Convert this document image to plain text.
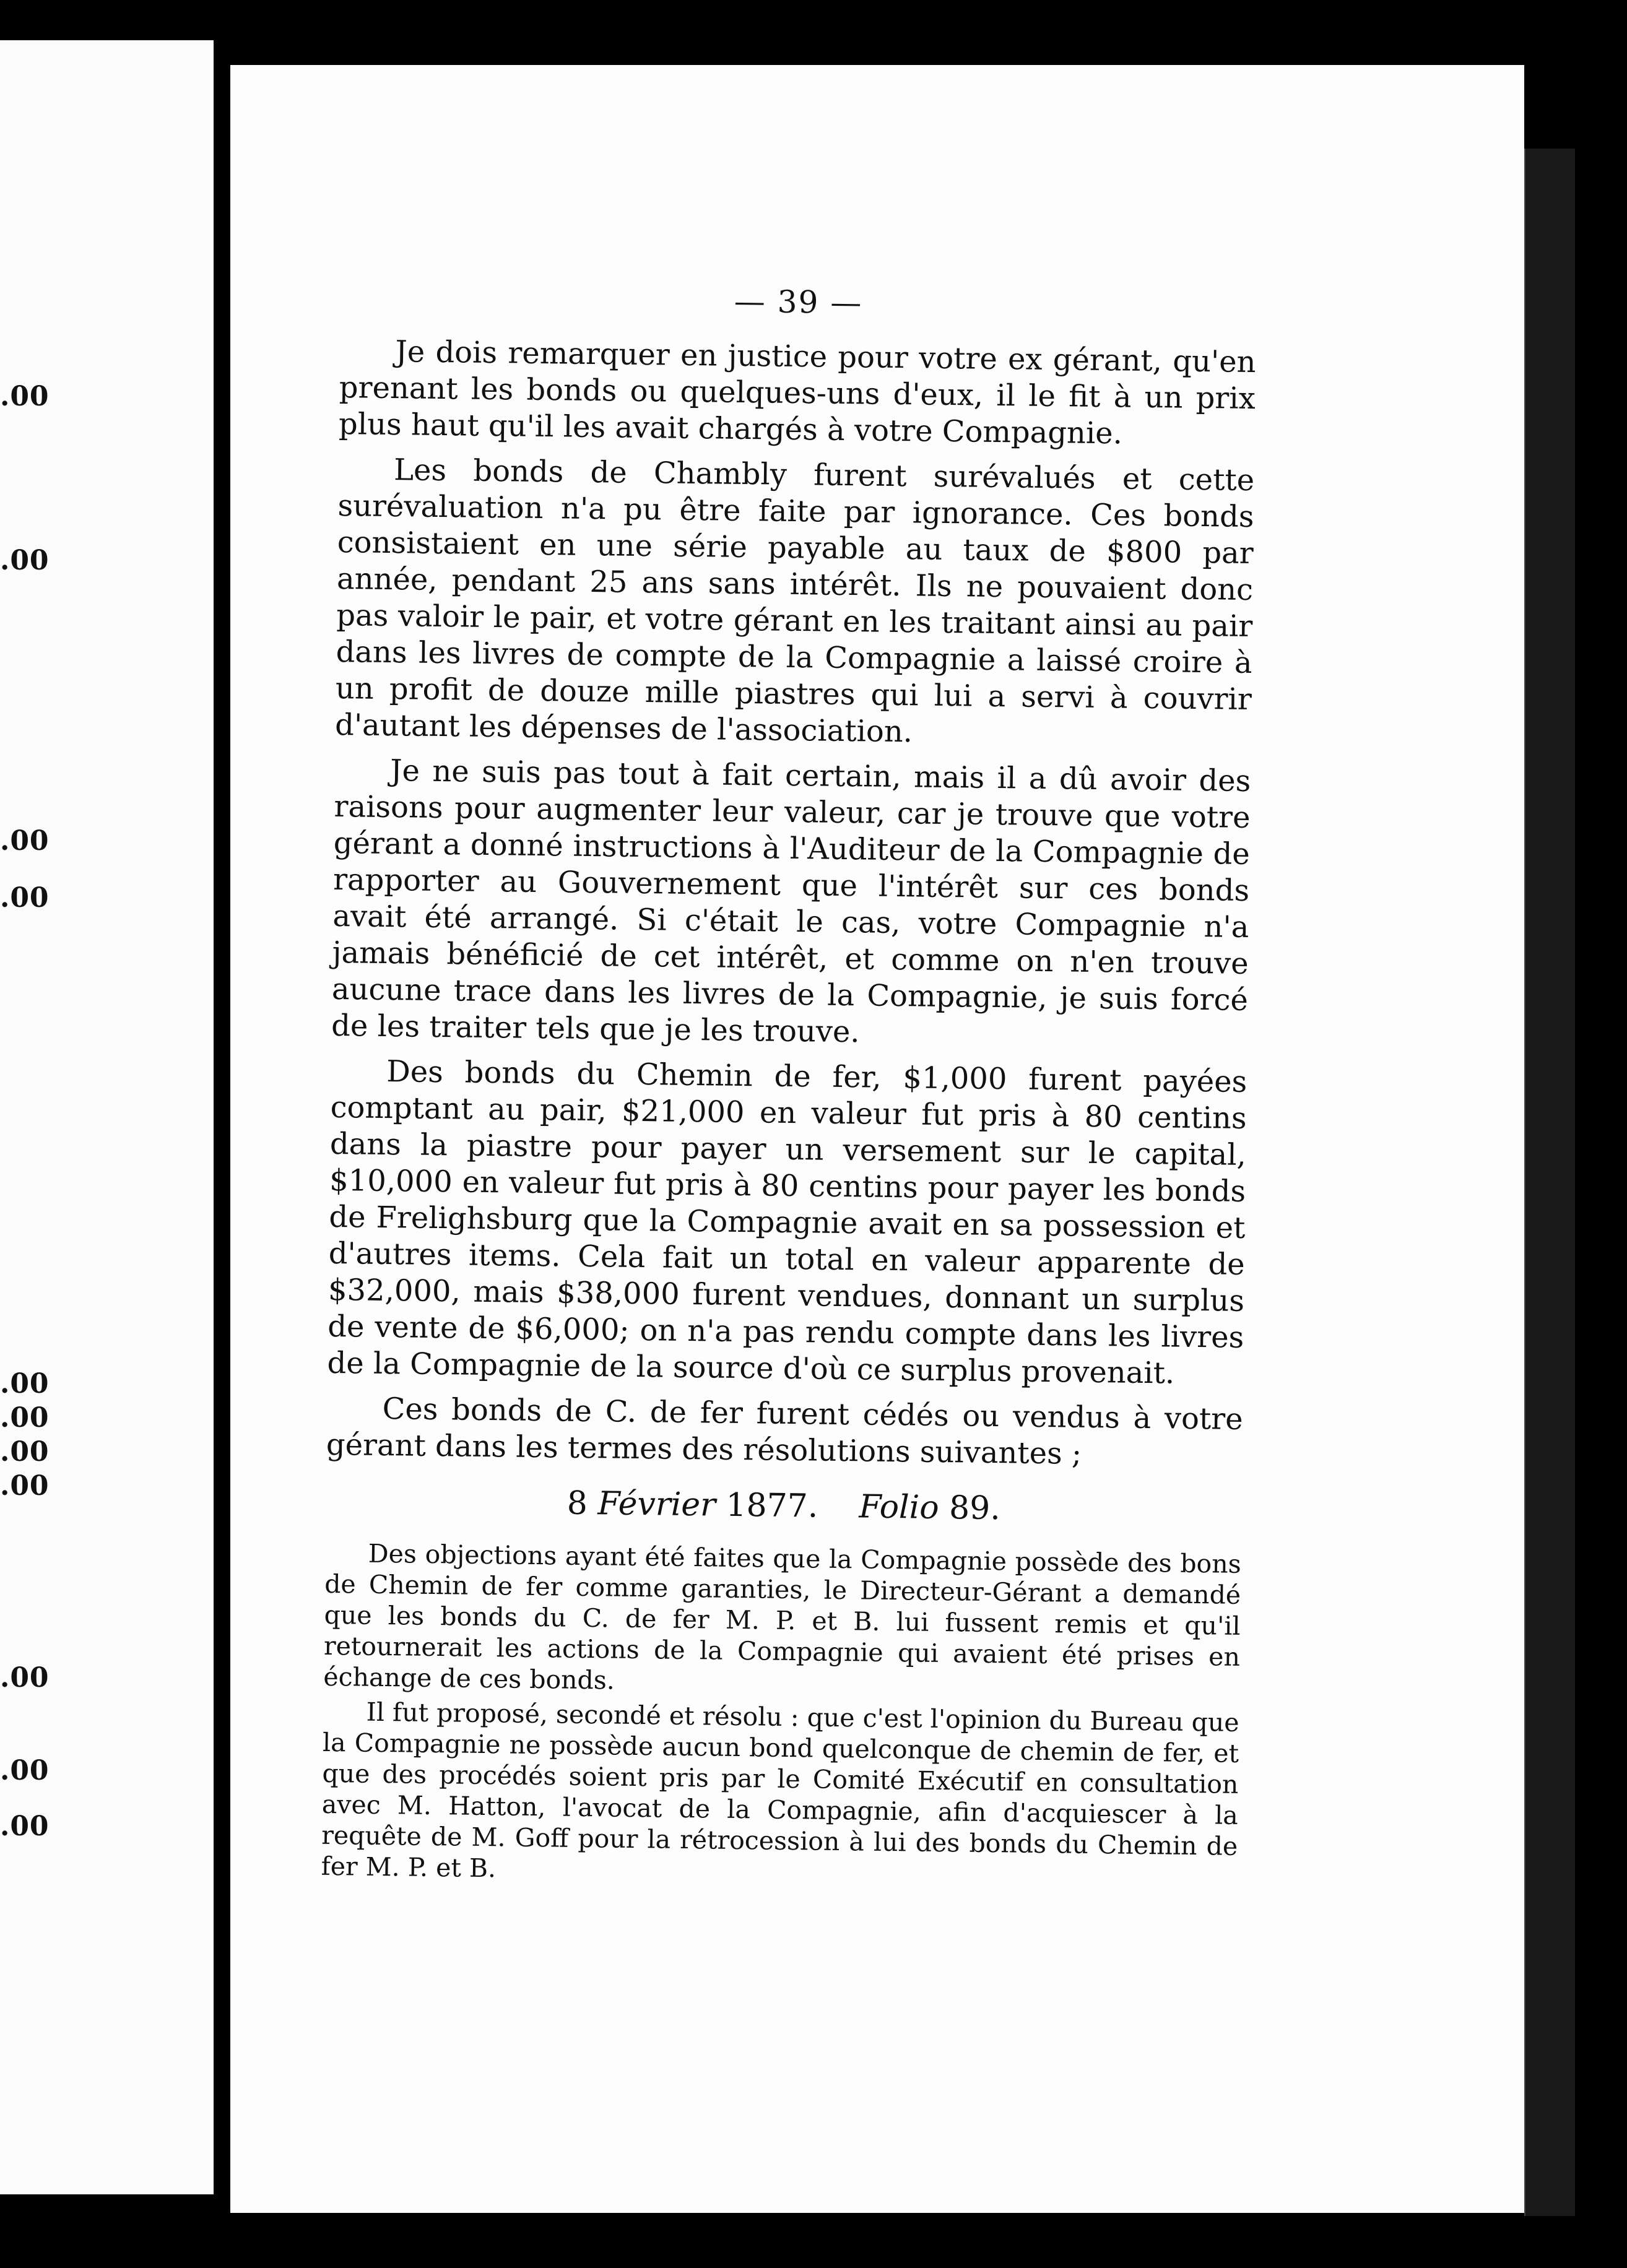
.00
.00
.00
.00
.00
.00
.00
.00
.00
.00
.00
— 39 —

Je dois remarquer en justice pour votre ex gérant, qu'en prenant les bonds ou quelques-uns d'eux, il le fit à un prix plus haut qu'il les avait chargés à votre Compagnie.

Les bonds de Chambly furent surévalués et cette surévaluation n'a pu être faite par ignorance. Ces bonds consistaient en une série payable au taux de $800 par année, pendant 25 ans sans intérêt. Ils ne pouvaient donc pas valoir le pair, et votre gérant en les traitant ainsi au pair dans les livres de compte de la Compagnie a laissé croire à un profit de douze mille piastres qui lui a servi à couvrir d'autant les dépenses de l'association.

Je ne suis pas tout à fait certain, mais il a dû avoir des raisons pour augmenter leur valeur, car je trouve que votre gérant a donné instructions à l'Auditeur de la Compagnie de rapporter au Gouvernement que l'intérêt sur ces bonds avait été arrangé. Si c'était le cas, votre Compagnie n'a jamais bénéficié de cet intérêt, et comme on n'en trouve aucune trace dans les livres de la Compagnie, je suis forcé de les traiter tels que je les trouve.

Des bonds du Chemin de fer, $1,000 furent payées comptant au pair, $21,000 en valeur fut pris à 80 centins dans la piastre pour payer un versement sur le capital, $10,000 en valeur fut pris à 80 centins pour payer les bonds de Frelighsburg que la Compagnie avait en sa possession et d'autres items. Cela fait un total en valeur apparente de $32,000, mais $38,000 furent vendues, donnant un surplus de vente de $6,000; on n'a pas rendu compte dans les livres de la Compagnie de la source d'où ce surplus provenait.

Ces bonds de C. de fer furent cédés ou vendus à votre gérant dans les termes des résolutions suivantes ;

8 Février 1877. Folio 89.

Des objections ayant été faites que la Compagnie possède des bons de Chemin de fer comme garanties, le Directeur-Gérant a demandé que les bonds du C. de fer M. P. et B. lui fussent remis et qu'il retournerait les actions de la Compagnie qui avaient été prises en échange de ces bonds.

Il fut proposé, secondé et résolu : que c'est l'opinion du Bureau que la Compagnie ne possède aucun bond quelconque de chemin de fer, et que des procédés soient pris par le Comité Exécutif en consultation avec M. Hatton, l'avocat de la Compagnie, afin d'acquiescer à la requête de M. Goff pour la rétrocession à lui des bonds du Chemin de fer M. P. et B.
